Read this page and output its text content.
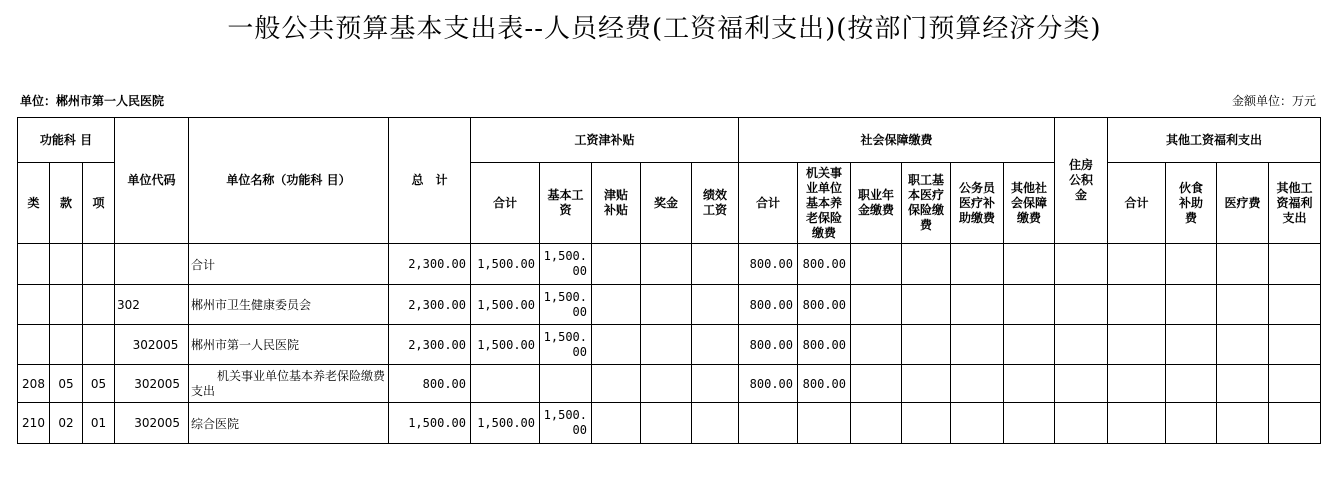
一般公共预算基本支出表--人员经费(工资福利支出)(按部门预算经济分类)
单位：郴州市第一人民医院	金额单位：万元
功能科 目			单位代码	单位名称（功能科 目）	总　计	工资津补贴					社会保障缴费						住房公积金	其他工资福利支出			
类	款	项				合计	基本工资	津贴补贴	奖金	绩效工资	合计	机关事业单位基本养老保险缴费	职业年金缴费	职工基本医疗保险缴费	公务员医疗补助缴费	其他社会保障缴费		合计	伙食补助费	医疗费	其他工资福利支出
				合计	2,300.00	1,500.00	1,500.00				800.00	800.00									
			302	郴州市卫生健康委员会	2,300.00	1,500.00	1,500.00				800.00	800.00									
			302005	郴州市第一人民医院	2,300.00	1,500.00	1,500.00				800.00	800.00									
208	05	05	302005	机关事业单位基本养老保险缴费支出	800.00						800.00	800.00									
210	02	01	302005	综合医院	1,500.00	1,500.00	1,500.00														
